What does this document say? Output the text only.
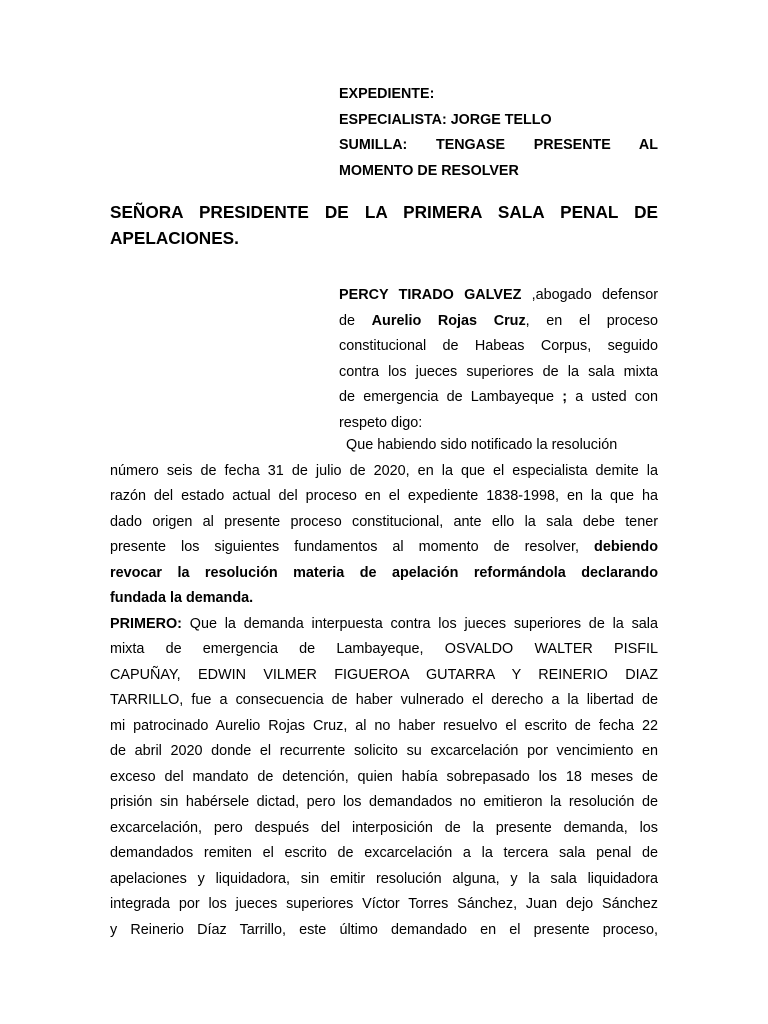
EXPEDIENTE:
ESPECIALISTA: JORGE TELLO
SUMILLA: TENGASE PRESENTE AL
MOMENTO DE RESOLVER
SEÑORA PRESIDENTE DE LA PRIMERA SALA PENAL DE
APELACIONES.
PERCY TIRADO GALVEZ ,abogado defensor
de Aurelio Rojas Cruz, en el proceso
constitucional de Habeas Corpus, seguido
contra los jueces superiores de la sala mixta
de emergencia de Lambayeque ; a usted con
respeto digo:
Que habiendo sido notificado la resolución
número seis de fecha 31 de julio de 2020, en la que el especialista demite la
razón del estado actual del proceso en el expediente 1838-1998, en la que ha
dado origen al presente proceso constitucional, ante ello la sala debe tener
presente los siguientes fundamentos al momento de resolver, debiendo
revocar la resolución materia de apelación reformándola declarando
fundada la demanda.
PRIMERO: Que la demanda interpuesta contra los jueces superiores de la sala
mixta de emergencia de Lambayeque, OSVALDO WALTER PISFIL
CAPUÑAY, EDWIN VILMER FIGUEROA GUTARRA Y REINERIO DIAZ
TARRILLO, fue a consecuencia de haber vulnerado el derecho a la libertad de
mi patrocinado Aurelio Rojas Cruz, al no haber resuelvo el escrito de fecha 22
de abril 2020 donde el recurrente solicito su excarcelación por vencimiento en
exceso del mandato de detención, quien había sobrepasado los 18 meses de
prisión sin habérsele dictad, pero los demandados no emitieron la resolución de
excarcelación, pero después del interposición de la presente demanda, los
demandados remiten el escrito de excarcelación a la tercera sala penal de
apelaciones y liquidadora, sin emitir resolución alguna, y la sala liquidadora
integrada por los jueces superiores Víctor Torres Sánchez, Juan dejo Sánchez
y Reinerio Díaz Tarrillo, este último demandado en el presente proceso,
